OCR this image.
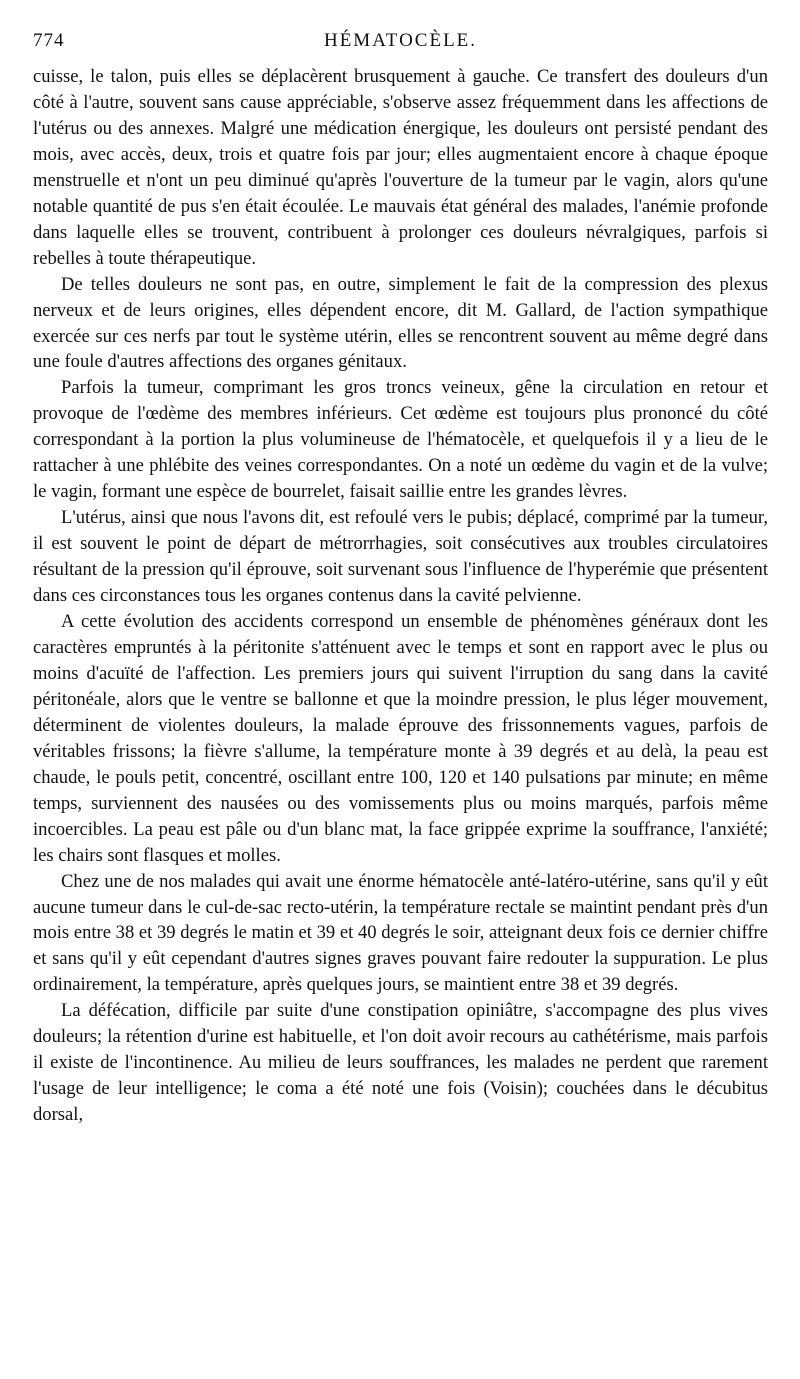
774	HÉMATOCÈLE.

cuisse, le talon, puis elles se déplacèrent brusquement à gauche. Ce transfert des douleurs d'un côté à l'autre, souvent sans cause appréciable, s'observe assez fréquemment dans les affections de l'utérus ou des annexes. Malgré une médication énergique, les douleurs ont persisté pendant des mois, avec accès, deux, trois et quatre fois par jour; elles augmentaient encore à chaque époque menstruelle et n'ont un peu diminué qu'après l'ouverture de la tumeur par le vagin, alors qu'une notable quantité de pus s'en était écoulée. Le mauvais état général des malades, l'anémie profonde dans laquelle elles se trouvent, contribuent à prolonger ces douleurs névralgiques, parfois si rebelles à toute thérapeutique.

De telles douleurs ne sont pas, en outre, simplement le fait de la compression des plexus nerveux et de leurs origines, elles dépendent encore, dit M. Gallard, de l'action sympathique exercée sur ces nerfs par tout le système utérin, elles se rencontrent souvent au même degré dans une foule d'autres affections des organes génitaux.

Parfois la tumeur, comprimant les gros troncs veineux, gêne la circulation en retour et provoque de l'œdème des membres inférieurs. Cet œdème est toujours plus prononcé du côté correspondant à la portion la plus volumineuse de l'hématocèle, et quelquefois il y a lieu de le rattacher à une phlébite des veines correspondantes. On a noté un œdème du vagin et de la vulve; le vagin, formant une espèce de bourrelet, faisait saillie entre les grandes lèvres.

L'utérus, ainsi que nous l'avons dit, est refoulé vers le pubis; déplacé, comprimé par la tumeur, il est souvent le point de départ de métrorrhagies, soit consécutives aux troubles circulatoires résultant de la pression qu'il éprouve, soit survenant sous l'influence de l'hyperémie que présentent dans ces circonstances tous les organes contenus dans la cavité pelvienne.

A cette évolution des accidents correspond un ensemble de phénomènes généraux dont les caractères empruntés à la péritonite s'atténuent avec le temps et sont en rapport avec le plus ou moins d'acuïté de l'affection. Les premiers jours qui suivent l'irruption du sang dans la cavité péritonéale, alors que le ventre se ballonne et que la moindre pression, le plus léger mouvement, déterminent de violentes douleurs, la malade éprouve des frissonnements vagues, parfois de véritables frissons; la fièvre s'allume, la température monte à 39 degrés et au delà, la peau est chaude, le pouls petit, concentré, oscillant entre 100, 120 et 140 pulsations par minute; en même temps, surviennent des nausées ou des vomissements plus ou moins marqués, parfois même incoercibles. La peau est pâle ou d'un blanc mat, la face grippée exprime la souffrance, l'anxiété; les chairs sont flasques et molles.

Chez une de nos malades qui avait une énorme hématocèle anté-latéro-utérine, sans qu'il y eût aucune tumeur dans le cul-de-sac recto-utérin, la température rectale se maintint pendant près d'un mois entre 38 et 39 degrés le matin et 39 et 40 degrés le soir, atteignant deux fois ce dernier chiffre et sans qu'il y eût cependant d'autres signes graves pouvant faire redouter la suppuration. Le plus ordinairement, la température, après quelques jours, se maintient entre 38 et 39 degrés.

La défécation, difficile par suite d'une constipation opiniâtre, s'accompagne des plus vives douleurs; la rétention d'urine est habituelle, et l'on doit avoir recours au cathétérisme, mais parfois il existe de l'incontinence. Au milieu de leurs souffrances, les malades ne perdent que rarement l'usage de leur intelligence; le coma a été noté une fois (Voisin); couchées dans le décubitus dorsal,
